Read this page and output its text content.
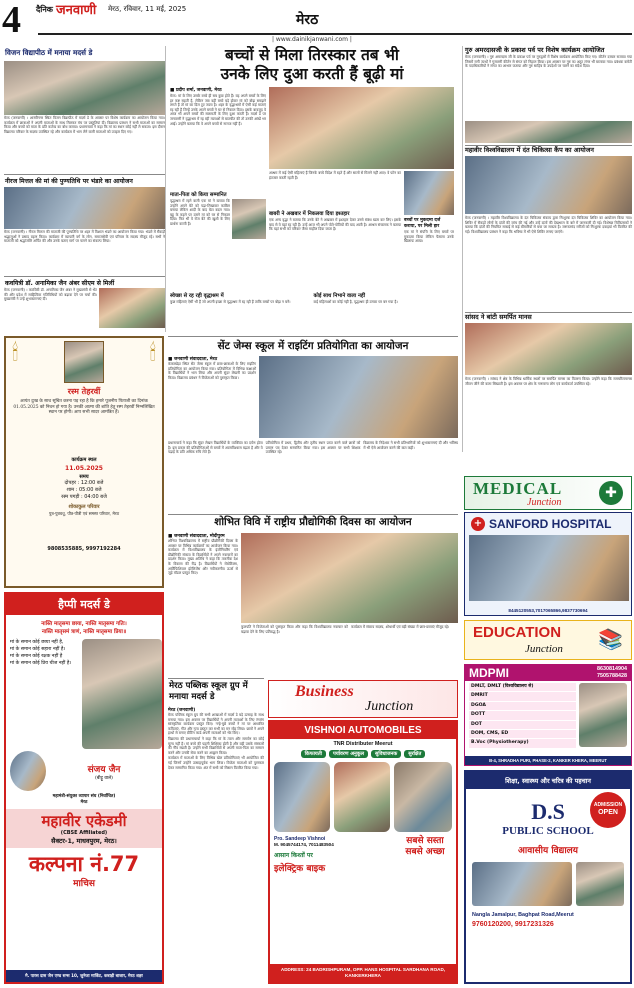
4 दैनिक जनवाणी मेरठ, रविवार, 11 मई, 2025
मेरठ
| www.dainikjanwani.com |
विजन विद्यापीठ में मनाया मदर्स डे

मेरठ (जनवाणी) । शास्त्रीनगर स्थित विजन विद्यापीठ में मदर्स डे के अवसर पर विशेष कार्यक्रम का आयोजन किया गया। कार्यक्रम में छात्राओं ने अपनी माताओं के साथ मिलकर मंच पर प्रस्तुतियां दीं। विद्यालय प्रबंधन ने सभी माताओं का सम्मान किया और बच्चों को माता के प्रति कर्तव्य का बोध कराया। प्रधानाचार्य ने कहा कि मां का स्थान कोई नहीं ले सकता। इस दौरान विद्यालय परिवार के सदस्य उपस्थित रहे और कार्यक्रम में भाग लेने वाली माताओं को उपहार दिए गए।

नीरज मित्तल की मां की पुण्यतिथि पर भंडारे का आयोजन

मेरठ (जनवाणी) । नीरज मित्तल की माताजी की पुण्यतिथि पर शहर में विशाल भंडारे का आयोजन किया गया। भंडारे में सैकड़ों श्रद्धालुओं ने प्रसाद ग्रहण किया। कार्यक्रम में व्यापारी वर्ग के लोग, समाजसेवी एवं परिवार के सदस्य मौजूद रहे। सभी ने माताजी को श्रद्धांजलि अर्पित की और उनके बताए मार्ग पर चलने का संकल्प लिया।

कवयित्री डॉ. अनामिका जैन अंबर सीएम से मिलीं

मेरठ (जनवाणी) । कवयित्री डॉ. अनामिका जैन अंबर ने मुख्यमंत्री से भेंट की और प्रदेश में साहित्यिक गतिविधियों को बढ़ावा देने पर चर्चा की। मुख्यमंत्री ने उन्हें शुभकामनाएं दीं।

बच्चों से मिला तिरस्कार तब भी
उनके लिए दुआ करती हैं बूढ़ी मां
■ प्रदीप शर्मा, जनवाणी, मेरठ

मेरठ: मां के लिए उसके बच्चे ही सब कुछ होते हैं। वह अपने बच्चों के लिए हर कष्ट सहती है, लेकिन जब वही बच्चे बड़े होकर मां को बोझ समझने लगते हैं तो मां का दिल टूट जाता है। शहर के वृद्धाश्रमों में ऐसी कई माताएं रह रही हैं जिन्हें उनके अपने बच्चों ने घर से निकाल दिया। इसके बावजूद वे आज भी अपने बच्चों की सलामती के लिए दुआ करती हैं। मदर्स डे पर जनवाणी ने वृद्धाश्रम में रह रही माताओं से बातचीत की तो उनकी आंखें भर आईं। उन्होंने बताया कि वे अपने बच्चों से नाराज नहीं हैं।

माता-पिता को किया सम्मानित

वृद्धाश्रम में रहने वाली एक मां ने बताया कि उन्होंने अपने बेटे को पढ़ा-लिखाकर काबिल बनाया लेकिन शादी के बाद बेटा बदल गया। बहू के कहने पर उसने मां को घर से निकाल दिया। फिर भी वे रोज बेटे की खुशी के लिए प्रार्थना करती हैं।

आश्रम में कई ऐसी महिलाएं हैं जिनके बच्चे विदेश में रहते हैं और सालों से मिलने नहीं आए। वे फोन का इंतजार करती रहती हैं।

बाबरी ने अखबार में निकलवा दिया इश्तहार

एक अन्य वृद्धा ने बताया कि उनके बेटे ने अखबार में इश्तहार देकर उनसे संबंध खत्म कर लिए। इसके बाद से वे यहां रह रही हैं। उन्हें आज भी अपने पोते-पोतियों की याद आती है। आश्रम संचालक ने बताया कि यहां सभी को परिवार जैसा माहौल दिया जाता है।

बच्चों पर मुकदमा दर्ज कराया, पर मिली हार

एक मां ने संपत्ति के लिए बच्चों पर मुकदमा किया लेकिन फैसला उनके खिलाफ आया।

स्वेच्छा से रह रही वृद्धाश्रम में

कुछ महिलाएं ऐसी भी हैं जो अपनी इच्छा से वृद्धाश्रम में रह रही हैं ताकि बच्चों पर बोझ न बनें।

कोई साथ निभाने वाला नहीं

कई महिलाओं का कोई नहीं है, वृद्धाश्रम ही उनका घर बन गया है।

🕯	🕯
रस्म तेहरवीं

अत्यंत दुःख के साथ सूचित करना पड़ रहा है कि हमारे पूजनीय पिताजी का दिनांक 01.05.2025 को निधन हो गया है। उनकी आत्मा की शांति हेतु रस्म तेहरवीं निम्नलिखित स्थान पर होगी। आप सभी सादर आमंत्रित हैं।

कार्यक्रम स्थल
11.05.2025
समय
दोपहर : 12:00 बजे
शाम : 05:00 बजे
रस्म पगड़ी : 04:00 बजे
शोकाकुल परिवार

पुत्र-पुत्रवधू, पौत्र-पौत्री एवं समस्त परिवार, मेरठ

9808535885, 9997192284
सेंट जेम्स स्कूल में राइटिंग प्रतियोगिता का आयोजन
■ जनवाणी संवाददाता, मेरठ

कंकरखेड़ा स्थित सेंट जेम्स स्कूल में छात्र-छात्राओं के लिए राइटिंग प्रतियोगिता का आयोजन किया गया। प्रतियोगिता में विभिन्न कक्षाओं के विद्यार्थियों ने भाग लिया और अपनी सुंदर लेखनी का प्रदर्शन किया। विद्यालय प्रबंधन ने विजेताओं को पुरस्कृत किया।

प्रधानाचार्य ने कहा कि सुंदर लेखन विद्यार्थियों के व्यक्तित्व का दर्पण होता है। इस प्रकार की प्रतियोगिताओं से बच्चों में आत्मविश्वास बढ़ता है और वे पढ़ाई के प्रति अधिक रुचि लेते हैं।

प्रतियोगिता में प्रथम, द्वितीय और तृतीय स्थान प्राप्त करने वाले छात्रों को प्रमाण पत्र देकर सम्मानित किया गया। इस अवसर पर सभी शिक्षक उपस्थित रहे।

विद्यालय के निदेशक ने सभी प्रतिभागियों को शुभकामनाएं दीं और भविष्य में भी ऐसे आयोजन करने की बात कही।

शोभित विवि में राष्ट्रीय प्रौद्योगिकी दिवस का आयोजन
■ जनवाणी संवाददाता, मोदीपुरम

शोभित विश्वविद्यालय में राष्ट्रीय प्रौद्योगिकी दिवस के अवसर पर विभिन्न कार्यक्रमों का आयोजन किया गया। कार्यक्रम में विश्वविद्यालय के इंजीनियरिंग एवं प्रौद्योगिकी संकाय के विद्यार्थियों ने अपने नवाचारों का प्रदर्शन किया। मुख्य अतिथि ने कहा कि तकनीक देश के विकास की रीढ़ है। विद्यार्थियों ने रोबोटिक्स, आर्टिफिशियल इंटेलिजेंस और नवीकरणीय ऊर्जा से जुड़े मॉडल प्रस्तुत किए।

कुलपति ने विजेताओं को पुरस्कृत किया और कहा कि विश्वविद्यालय नवाचार को बढ़ावा देने के लिए प्रतिबद्ध है।

कार्यक्रम में संकाय सदस्य, शोधार्थी एवं बड़ी संख्या में छात्र-छात्राएं मौजूद रहे।

हैप्पी मदर्स डे
नास्ति मातृसमा छाया, नास्ति मातृसमा गतिः।
नास्ति मातृसमं त्राणं, नास्ति मातृसमा प्रिया॥
मां के समान कोई छाया नहीं है,
मां के समान कोई सहारा नहीं है।
मां के समान कोई रक्षक नहीं है
मां के समान कोई प्रिय चीज नहीं है।
संजय जैन
(बीट्टू वाले)
महामंत्री-संयुक्त व्यापार संघ (निर्वाचित)
मेरठ
महावीर एकेडमी
(CBSE Affiliated)
सैक्टर-1, माधवपुरम, मेरठ।
कल्पना नं.77
माचिस
मै. पारस दास जैन एण्ड सन्स 10, जुनेजा मार्किट, कबाड़ी बाजार, मेरठ शहर
मेरठ पब्लिक स्कूल ग्रुप में मनाया मदर्स डे
मेरठ (जनवाणी)

मेरठ पब्लिक स्कूल ग्रुप की सभी शाखाओं में मदर्स डे बड़े उत्साह के साथ मनाया गया। इस अवसर पर विद्यार्थियों ने अपनी माताओं के लिए रंगारंग सांस्कृतिक कार्यक्रम प्रस्तुत किए। नन्हे-मुन्ने बच्चों ने मां पर आधारित कविताएं, गीत और नृत्य प्रस्तुत कर सभी का मन मोह लिया। छात्रों ने अपने हाथों से बनाए ग्रीटिंग कार्ड अपनी माताओं को भेंट किए।

विद्यालय की प्रधानाचार्या ने कहा कि मां के त्याग और समर्पण का कोई मूल्य नहीं है। मां बच्चे की पहली शिक्षिका होती है और वही उसके संस्कारों की नींव रखती है। उन्होंने सभी विद्यार्थियों से अपनी माता-पिता का सम्मान करने और उनकी सेवा करने का आह्वान किया।

कार्यक्रम में माताओं के लिए विभिन्न खेल प्रतियोगिताएं भी आयोजित की गईं जिनमें उन्होंने उत्साहपूर्वक भाग लिया। विजेता माताओं को पुरस्कार देकर सम्मानित किया गया। अंत में सभी को मिष्ठान वितरित किया गया।

Business
Junction
VISHNOI AUTOMOBILES
TNR Distributer Meerut
किफायती	पर्यावरण अनुकूल	सुविधाजनक	सुरक्षित
Pro. Sandeep Vishnoi
M. 9045744174, 7011483504
आसान किश्तों पर
इलेक्ट्रिक बाइक
सबसे सस्ता सबसे अच्छा
ADDRESS: 24 BADRISHPURAM, OPP. HANS HOSPITAL SARDHANA ROAD, KANKERKHERA
गुरु अमरदासजी के प्रकाश पर्व पर विशेष कार्यक्रम आयोजित

मेरठ (जनवाणी) । गुरु अमरदास जी के प्रकाश पर्व पर गुरुद्वारों में विशेष कार्यक्रम आयोजित किए गए। कीर्तन दरबार सजाया गया जिसमें रागी जत्थों ने गुरबाणी कीर्तन से संगत को निहाल किया। इस अवसर पर गुरु का अटूट लंगर भी बरताया गया। प्रबंधक कमेटी के पदाधिकारियों ने संगत का आभार जताया और गुरु साहिब के उपदेशों पर चलने का संदेश दिया।

महावीर विश्वविद्यालय में दंत चिकित्सा कैंप का आयोजन

मेरठ (जनवाणी) । महावीर विश्वविद्यालय के दंत चिकित्सा संकाय द्वारा निःशुल्क दंत चिकित्सा शिविर का आयोजन किया गया। शिविर में सैकड़ों लोगों के दांतों की जांच की गई और उन्हें दांतों की देखभाल के बारे में जानकारी दी गई। विशेषज्ञ चिकित्सकों ने बताया कि दांतों की नियमित सफाई से कई बीमारियों से बचा जा सकता है। जरूरतमंद मरीजों को निःशुल्क दवाइयां भी वितरित की गईं। विश्वविद्यालय प्रबंधन ने कहा कि भविष्य में भी ऐसे शिविर लगाए जाएंगे।

सांसद ने बांटी समर्पित मानस

मेरठ (जनवाणी) । सांसद ने क्षेत्र के विभिन्न धार्मिक स्थलों पर समर्पित मानस का वितरण किया। उन्होंने कहा कि रामचरितमानस जीवन जीने की कला सिखाती है। इस अवसर पर क्षेत्र के गणमान्य लोग एवं कार्यकर्ता उपस्थित रहे।

MEDICAL
Junction
✚
+ SANFORD HOSPITAL
8445120553,7017065866,9837730694
EDUCATION
Junction 📚
MDPMI	8630814904
7505788428
DMLT, DMLT (विश्वविद्यालय से)
DMRIT
DGOA
DOTT
DOT
DOM, CMS, ED
B.Voc (Physiotherapy)
B-4, SHRADHA PURI, PHASE-2, KANKER KHERA, MEERUT
शिक्षा, स्वास्थ्य और चरित्र की पहचान
ADMISSION
OPEN
D.S
PUBLIC SCHOOL
आवासीय विद्यालय
Nangla Jamalpur, Baghpat Road,Meerut
9760120200, 9917231326
